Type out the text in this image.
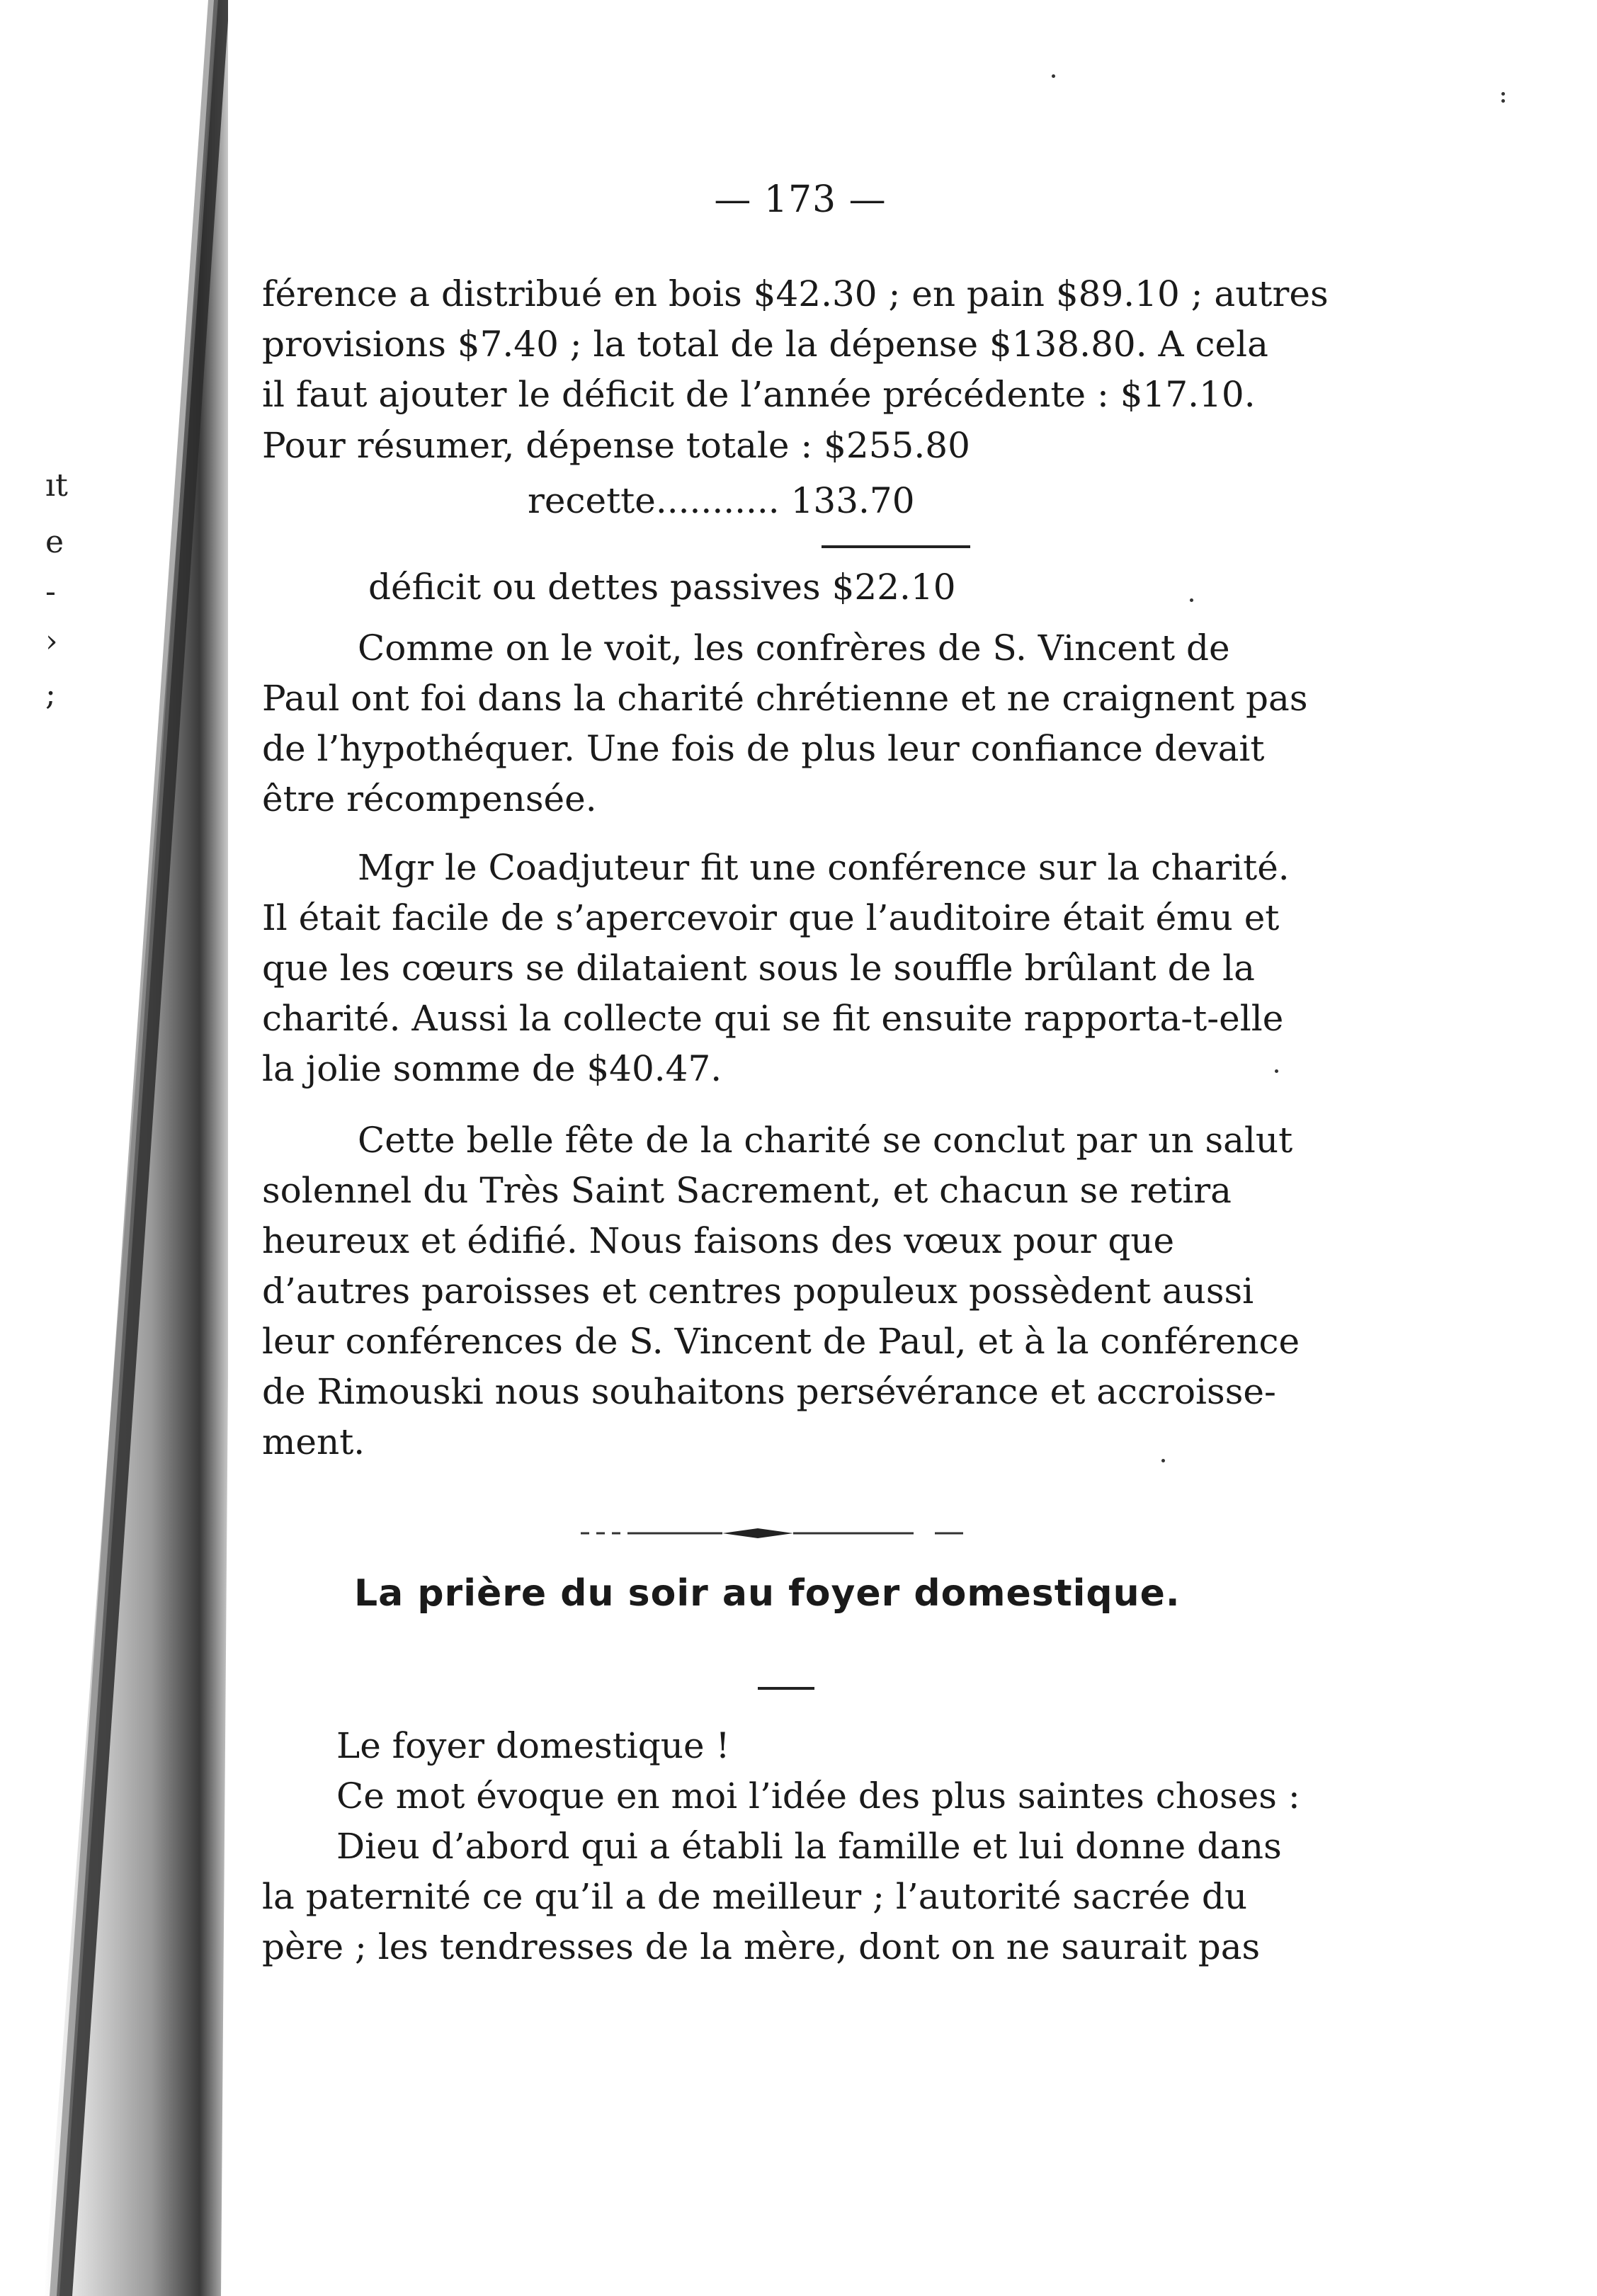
ıt
e
-
›
;
— 173 —
férence a distribué en bois $42.30 ; en pain $89.10 ; autres
provisions $7.40 ; la total de la dépense $138.80. A cela
il faut ajouter le déficit de l’année précédente : $17.10.
Pour résumer, dépense totale : $255.80
recette........... 133.70
déficit ou dettes passives $22.10
Comme on le voit, les confrères de S. Vincent de
Paul ont foi dans la charité chrétienne et ne craignent pas
de l’hypothéquer. Une fois de plus leur confiance devait
être récompensée.
Mgr le Coadjuteur fit une conférence sur la charité.
Il était facile de s’apercevoir que l’auditoire était ému et
que les cœurs se dilataient sous le souffle brûlant de la
charité. Aussi la collecte qui se fit ensuite rapporta-t-elle
la jolie somme de $40.47.
Cette belle fête de la charité se conclut par un salut
solennel du Très Saint Sacrement, et chacun se retira
heureux et édifié. Nous faisons des vœux pour que
d’autres paroisses et centres populeux possèdent aussi
leur conférences de S. Vincent de Paul, et à la conférence
de Rimouski nous souhaitons persévérance et accroisse-
ment.
La prière du soir au foyer domestique.
Le foyer domestique !
Ce mot évoque en moi l’idée des plus saintes choses :
Dieu d’abord qui a établi la famille et lui donne dans
la paternité ce qu’il a de meilleur ; l’autorité sacrée du
père ; les tendresses de la mère, dont on ne saurait pas
